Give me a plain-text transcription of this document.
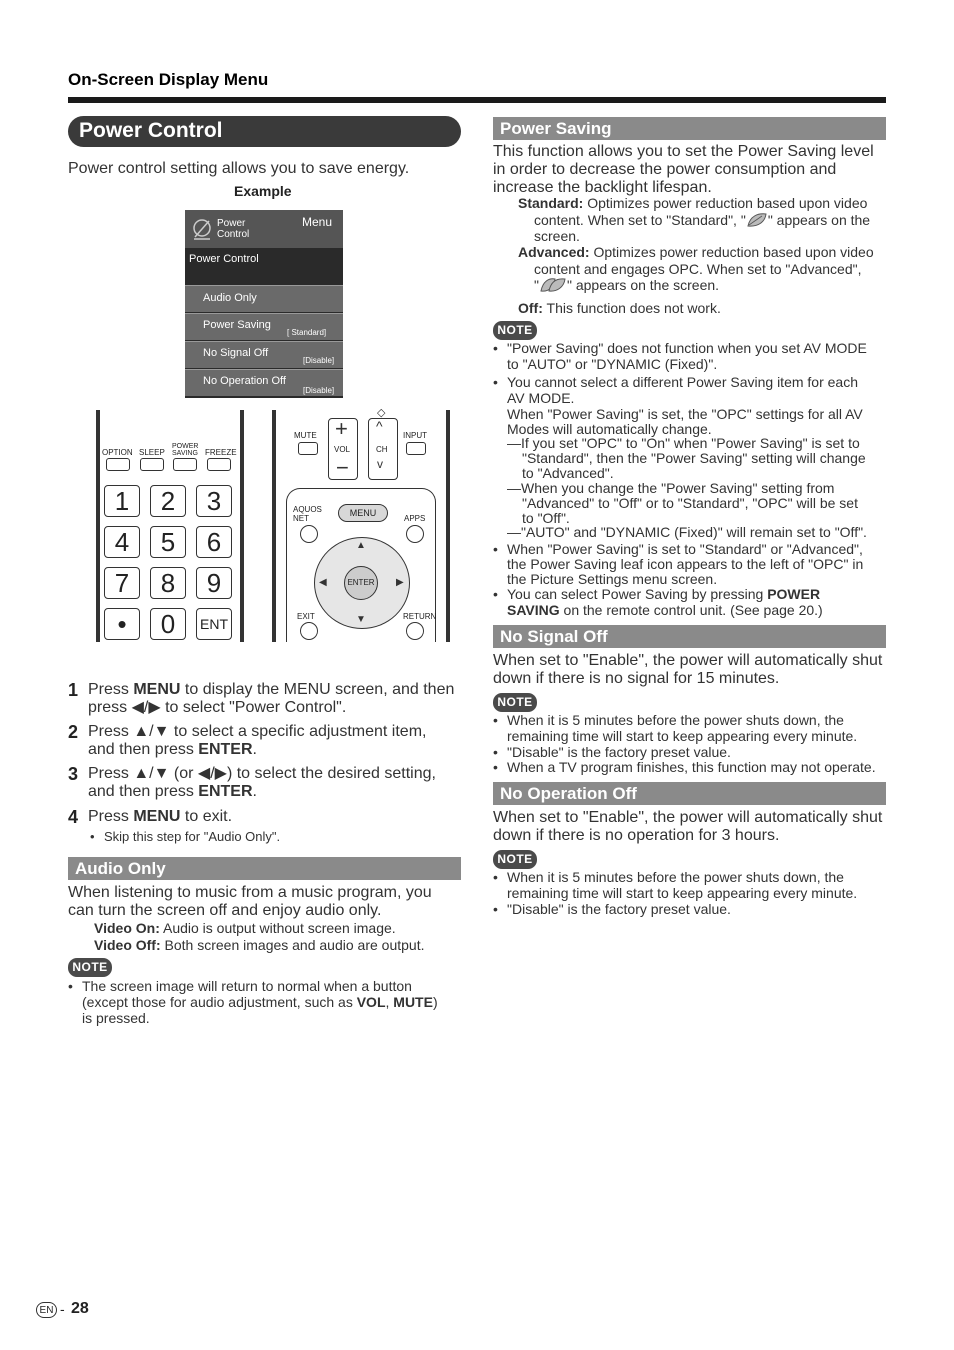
On-Screen Display Menu
Power Control
Power control setting allows you to save energy.
Example
Power
Control
Menu
Power Control
Audio Only
Power Saving
[ Standard]
No Signal Off
[Disable]
No Operation Off
[Disable]
OPTION SLEEP
POWER SAVING FREEZE
1	2	3
4	5	6
7	8	9
•	0	ENT
MUTE +
VOL
−
^
CH
v
◇
INPUT
AQUOS NET
MENU
APPS
▲
▼
◀	▶
ENTER
EXIT	RETURN
1 Press MENU to display the MENU screen, and then
press ◀/▶ to select "Power Control".
2 Press ▲/▼ to select a specific adjustment item,
and then press ENTER.
3 Press ▲/▼ (or ◀/▶) to select the desired setting,
and then press ENTER.
4 Press MENU to exit.
• Skip this step for "Audio Only".
Audio Only
When listening to music from a music program, you
can turn the screen off and enjoy audio only.
Video On: Audio is output without screen image.
Video Off: Both screen images and audio are output.
NOTE
• The screen image will return to normal when a button
(except those for audio adjustment, such as VOL, MUTE)
is pressed.
Power Saving
This function allows you to set the Power Saving level
in order to decrease the power consumption and
increase the backlight lifespan.
Standard: Optimizes power reduction based upon video
content. When set to "Standard", " " appears on the
screen.
Advanced: Optimizes power reduction based upon video
content and engages OPC. When set to "Advanced",
" " appears on the screen.
Off: This function does not work.
NOTE
• "Power Saving" does not function when you set AV MODE
to "AUTO" or "DYNAMIC (Fixed)".
• You cannot select a different Power Saving item for each
AV MODE.
When "Power Saving" is set, the "OPC" settings for all AV
Modes will automatically change.
—If you set "OPC" to "On" when "Power Saving" is set to
"Standard", then the "Power Saving" setting will change
to "Advanced".
—When you change the "Power Saving" setting from
"Advanced" to "Off" or to "Standard", "OPC" will be set
to "Off".
—"AUTO" and "DYNAMIC (Fixed)" will remain set to "Off".
• When "Power Saving" is set to "Standard" or "Advanced",
the Power Saving leaf icon appears to the left of "OPC" in
the Picture Settings menu screen.
• You can select Power Saving by pressing POWER
SAVING on the remote control unit. (See page 20.)
No Signal Off
When set to "Enable", the power will automatically shut
down if there is no signal for 15 minutes.
NOTE
• When it is 5 minutes before the power shuts down, the
remaining time will start to keep appearing every minute.
• "Disable" is the factory preset value.
• When a TV program finishes, this function may not operate.
No Operation Off
When set to "Enable", the power will automatically shut
down if there is no operation for 3 hours.
NOTE
• When it is 5 minutes before the power shuts down, the
remaining time will start to keep appearing every minute.
• "Disable" is the factory preset value.
EN - 28
